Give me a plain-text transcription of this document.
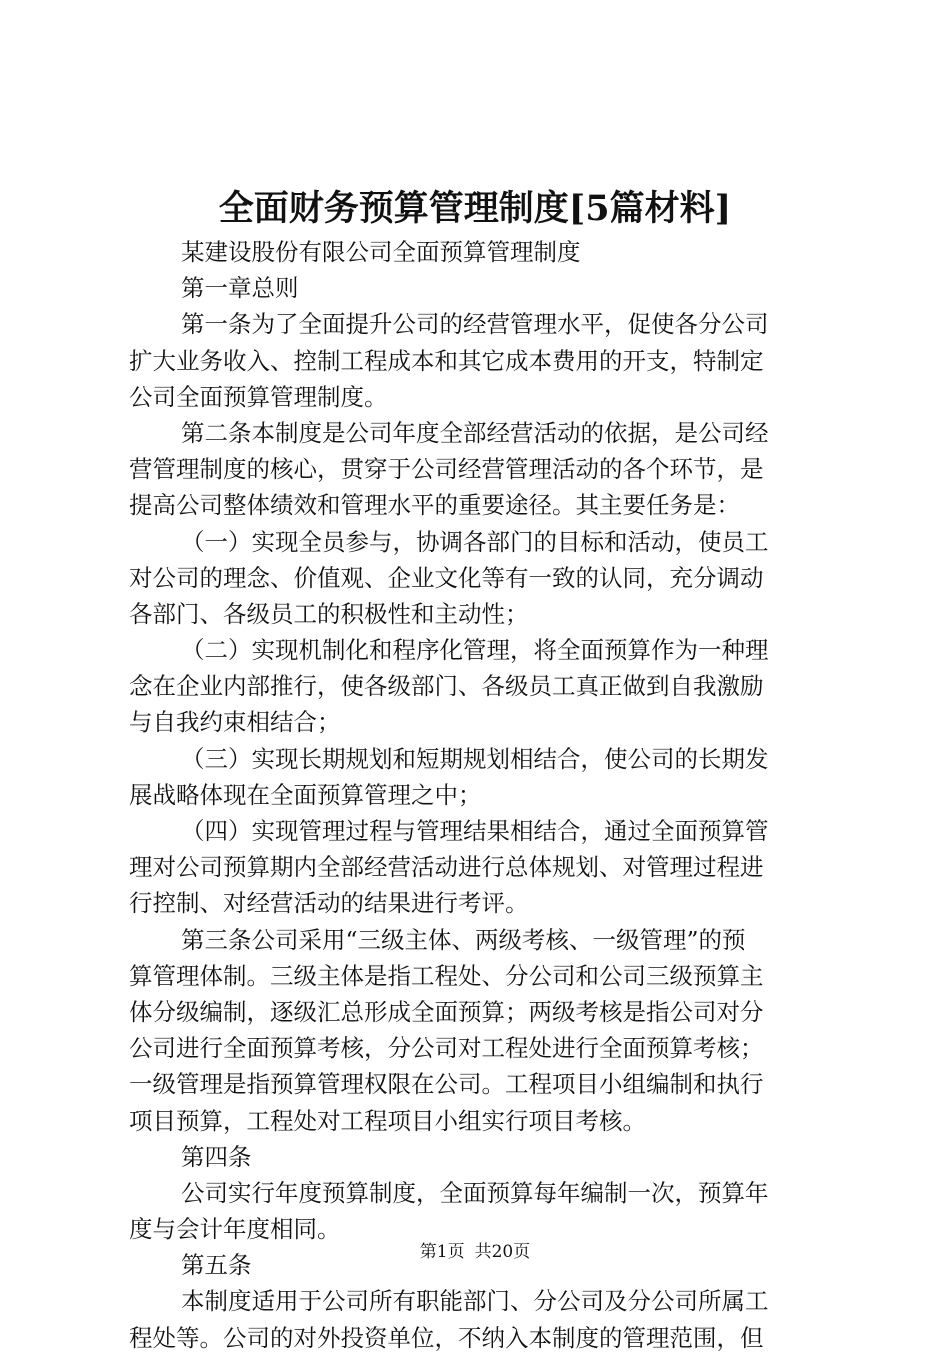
全面财务预算管理制度[5篇材料]
某建设股份有限公司全面预算管理制度
第一章总则
第一条为了全面提升公司的经营管理水平，促使各分公司
扩大业务收入、控制工程成本和其它成本费用的开支，特制定
公司全面预算管理制度。
第二条本制度是公司年度全部经营活动的依据，是公司经
营管理制度的核心，贯穿于公司经营管理活动的各个环节，是
提高公司整体绩效和管理水平的重要途径。其主要任务是：
（一）实现全员参与，协调各部门的目标和活动，使员工
对公司的理念、价值观、企业文化等有一致的认同，充分调动
各部门、各级员工的积极性和主动性；
（二）实现机制化和程序化管理，将全面预算作为一种理
念在企业内部推行，使各级部门、各级员工真正做到自我激励
与自我约束相结合；
（三）实现长期规划和短期规划相结合，使公司的长期发
展战略体现在全面预算管理之中；
（四）实现管理过程与管理结果相结合，通过全面预算管
理对公司预算期内全部经营活动进行总体规划、对管理过程进
行控制、对经营活动的结果进行考评。
第三条公司采用“三级主体、两级考核、一级管理”的预
算管理体制。三级主体是指工程处、分公司和公司三级预算主
体分级编制，逐级汇总形成全面预算；两级考核是指公司对分
公司进行全面预算考核，分公司对工程处进行全面预算考核；
一级管理是指预算管理权限在公司。工程项目小组编制和执行
项目预算，工程处对工程项目小组实行项目考核。
第四条
公司实行年度预算制度，全面预算每年编制一次，预算年
度与会计年度相同。
第五条
本制度适用于公司所有职能部门、分公司及分公司所属工
程处等。公司的对外投资单位，不纳入本制度的管理范围，但
第1页 共20页
